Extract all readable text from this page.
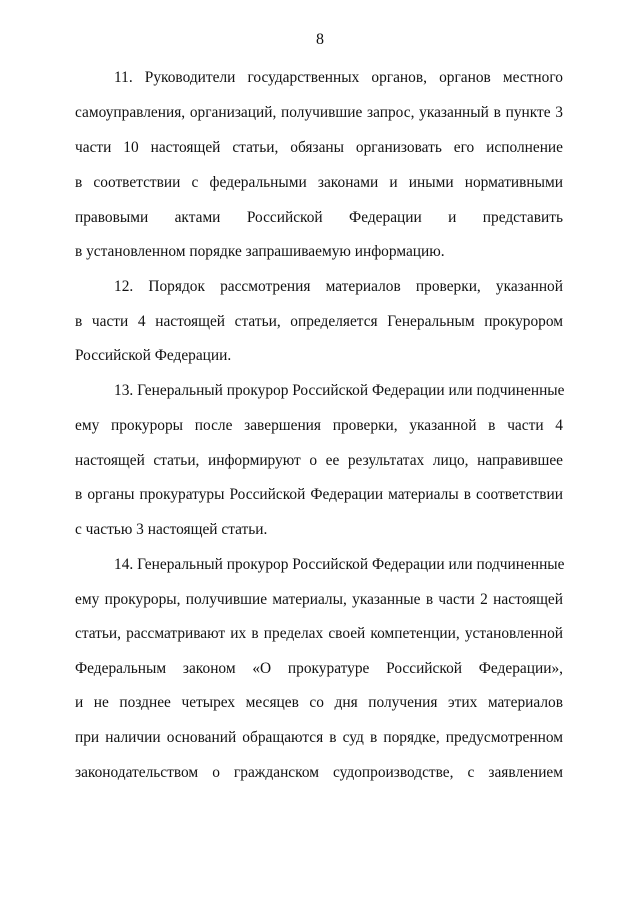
8
11. Руководители государственных органов, органов местного
самоуправления, организаций, получившие запрос, указанный в пункте 3
части 10 настоящей статьи, обязаны организовать его исполнение
в соответствии с федеральными законами и иными нормативными
правовыми актами Российской Федерации и представить
в установленном порядке запрашиваемую информацию.
12. Порядок рассмотрения материалов проверки, указанной
в части 4 настоящей статьи, определяется Генеральным прокурором
Российской Федерации.
13. Генеральный прокурор Российской Федерации или подчиненные
ему прокуроры после завершения проверки, указанной в части 4
настоящей статьи, информируют о ее результатах лицо, направившее
в органы прокуратуры Российской Федерации материалы в соответствии
с частью 3 настоящей статьи.
14. Генеральный прокурор Российской Федерации или подчиненные
ему прокуроры, получившие материалы, указанные в части 2 настоящей
статьи, рассматривают их в пределах своей компетенции, установленной
Федеральным законом «О прокуратуре Российской Федерации»,
и не позднее четырех месяцев со дня получения этих материалов
при наличии оснований обращаются в суд в порядке, предусмотренном
законодательством о гражданском судопроизводстве, с заявлением
